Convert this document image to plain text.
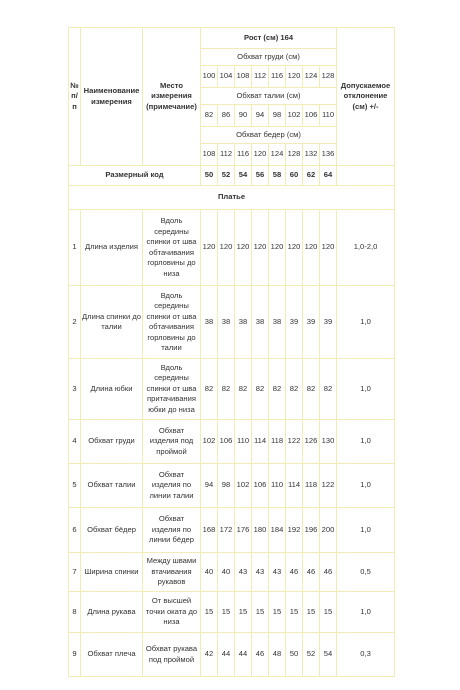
№ п/п	Наименование измерения	Место измерения (примечание)	Рост (см) 164								Допускаемое отклонение (см) +/-
			Обхват груди (см)								
			100	104	108	112	116	120	124	128	
			Обхват талии (см)								
			82	86	90	94	98	102	106	110	
			Обхват бедер (см)								
			108	112	116	120	124	128	132	136	
Размерный код			50	52	54	56	58	60	62	64	
Платье											
1	Длина изделия	Вдоль середины спинки от шва обтачивания горловины до низа	120	120	120	120	120	120	120	120	1,0-2,0
2	Длина спинки до талии	Вдоль середины спинки от шва обтачивания горловины до талии	38	38	38	38	38	39	39	39	1,0
3	Длина юбки	Вдоль середины спинки от шва притачивания юбки до низа	82	82	82	82	82	82	82	82	1,0
4	Обхват груди	Обхват изделия под проймой	102	106	110	114	118	122	126	130	1,0
5	Обхват талии	Обхват изделия по линии талии	94	98	102	106	110	114	118	122	1,0
6	Обхват бёдер	Обхват изделия по линии бёдер	168	172	176	180	184	192	196	200	1,0
7	Ширина спинки	Между швами втачивания рукавов	40	40	43	43	43	46	46	46	0,5
8	Длина рукава	От высшей точки оката до низа	15	15	15	15	15	15	15	15	1,0
9	Обхват плеча	Обхват рукава под проймой	42	44	44	46	48	50	52	54	0,3
